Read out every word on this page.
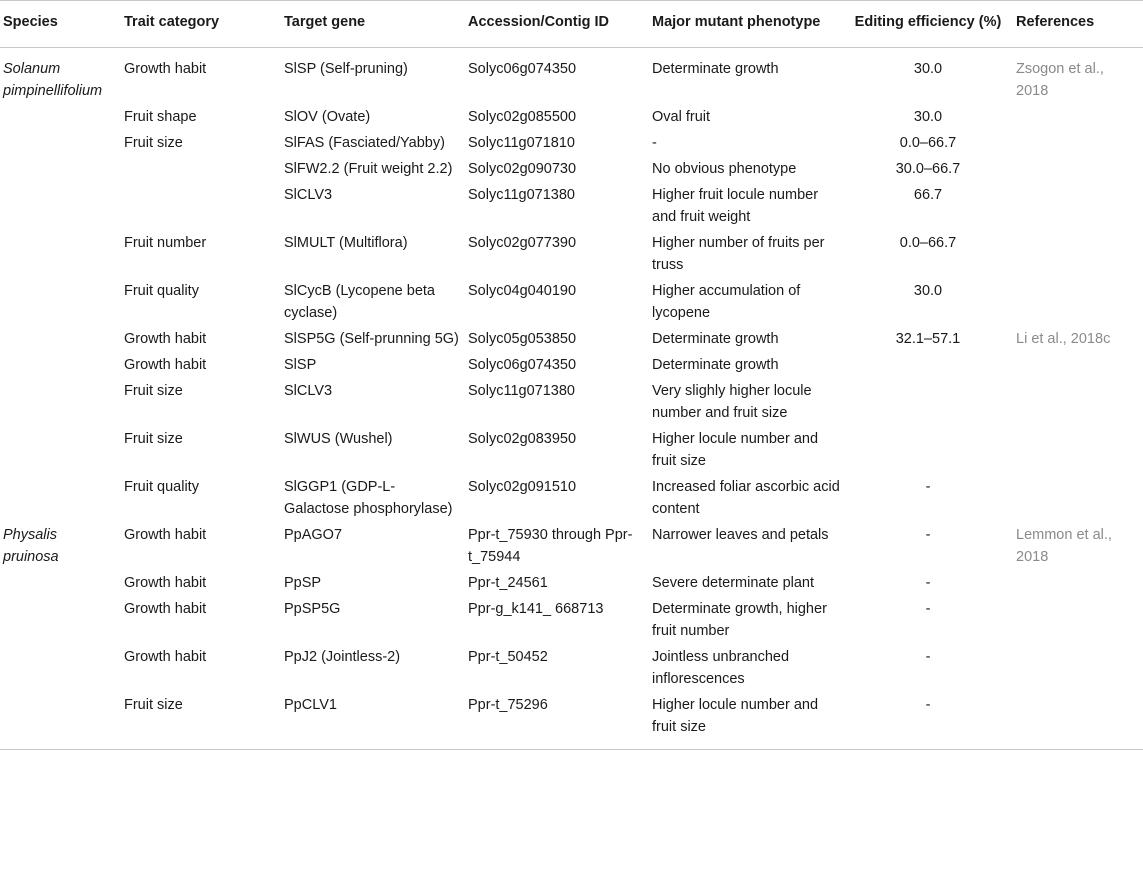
Species	Trait category	Target gene	Accession/Contig ID	Major mutant phenotype	Editing efficiency (%)	References
Solanum pimpinellifolium	Growth habit	SlSP (Self-pruning)	Solyc06g074350	Determinate growth	30.0	Zsogon et al., 2018
	Fruit shape	SlOV (Ovate)	Solyc02g085500	Oval fruit	30.0	
	Fruit size	SlFAS (Fasciated/Yabby)	Solyc11g071810	-	0.0–66.7	
		SlFW2.2 (Fruit weight 2.2)	Solyc02g090730	No obvious phenotype	30.0–66.7	
		SlCLV3	Solyc11g071380	Higher fruit locule number and fruit weight	66.7	
	Fruit number	SlMULT (Multiflora)	Solyc02g077390	Higher number of fruits per truss	0.0–66.7	
	Fruit quality	SlCycB (Lycopene beta cyclase)	Solyc04g040190	Higher accumulation of lycopene	30.0	
	Growth habit	SlSP5G (Self-prunning 5G)	Solyc05g053850	Determinate growth	32.1–57.1	Li et al., 2018c
	Growth habit	SlSP	Solyc06g074350	Determinate growth		
	Fruit size	SlCLV3	Solyc11g071380	Very slighly higher locule number and fruit size		
	Fruit size	SlWUS (Wushel)	Solyc02g083950	Higher locule number and fruit size		
	Fruit quality	SlGGP1 (GDP-L-Galactose phosphorylase)	Solyc02g091510	Increased foliar ascorbic acid content	-	
Physalis pruinosa	Growth habit	PpAGO7	Ppr-t_75930 through Ppr-t_75944	Narrower leaves and petals	-	Lemmon et al., 2018
	Growth habit	PpSP	Ppr-t_24561	Severe determinate plant	-	
	Growth habit	PpSP5G	Ppr-g_k141_ 668713	Determinate growth, higher fruit number	-	
	Growth habit	PpJ2 (Jointless-2)	Ppr-t_50452	Jointless unbranched inflorescences	-	
	Fruit size	PpCLV1	Ppr-t_75296	Higher locule number and fruit size	-	
